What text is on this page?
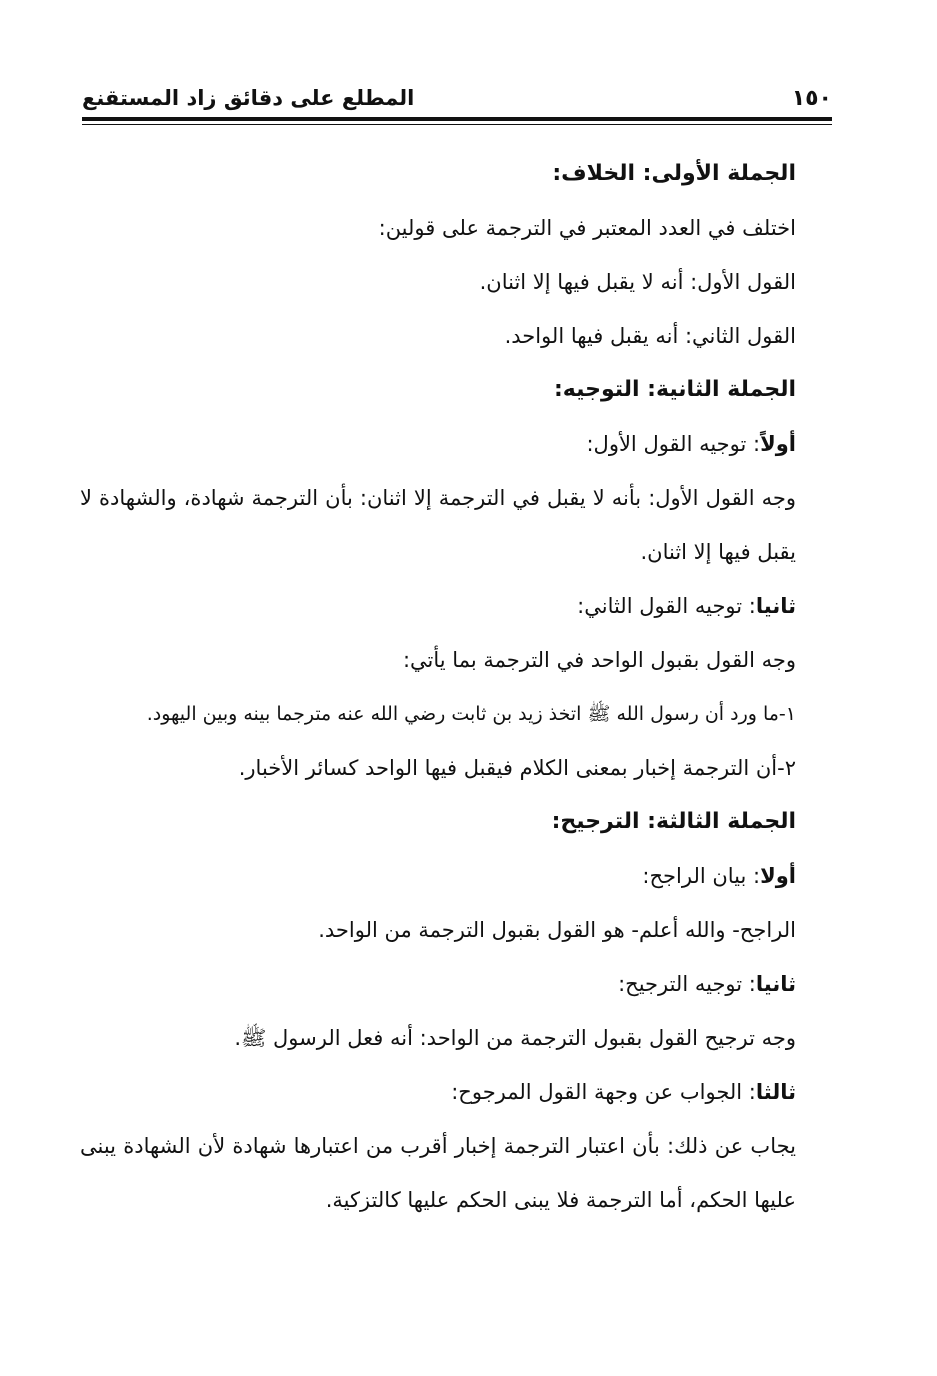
١٥٠
المطلع على دقائق زاد المستقنع

الجملة الأولى: الخلاف:

اختلف في العدد المعتبر في الترجمة على قولين:

القول الأول: أنه لا يقبل فيها إلا اثنان.

القول الثاني: أنه يقبل فيها الواحد.

الجملة الثانية: التوجيه:

أولاً: توجيه القول الأول:

وجه القول الأول: بأنه لا يقبل في الترجمة إلا اثنان: بأن الترجمة شهادة، والشهادة لا يقبل فيها إلا اثنان.

ثانيا: توجيه القول الثاني:

وجه القول بقبول الواحد في الترجمة بما يأتي:

١-ما ورد أن رسول الله ﷺ اتخذ زيد بن ثابت رضي الله عنه مترجما بينه وبين اليهود.

٢-أن الترجمة إخبار بمعنى الكلام فيقبل فيها الواحد كسائر الأخبار.

الجملة الثالثة: الترجيح:

أولا: بيان الراجح:

الراجح- والله أعلم- هو القول بقبول الترجمة من الواحد.

ثانيا: توجيه الترجيح:

وجه ترجيح القول بقبول الترجمة من الواحد: أنه فعل الرسول ﷺ.

ثالثا: الجواب عن وجهة القول المرجوح:

يجاب عن ذلك: بأن اعتبار الترجمة إخبار أقرب من اعتبارها شهادة لأن الشهادة يبنى عليها الحكم، أما الترجمة فلا يبنى الحكم عليها كالتزكية.
